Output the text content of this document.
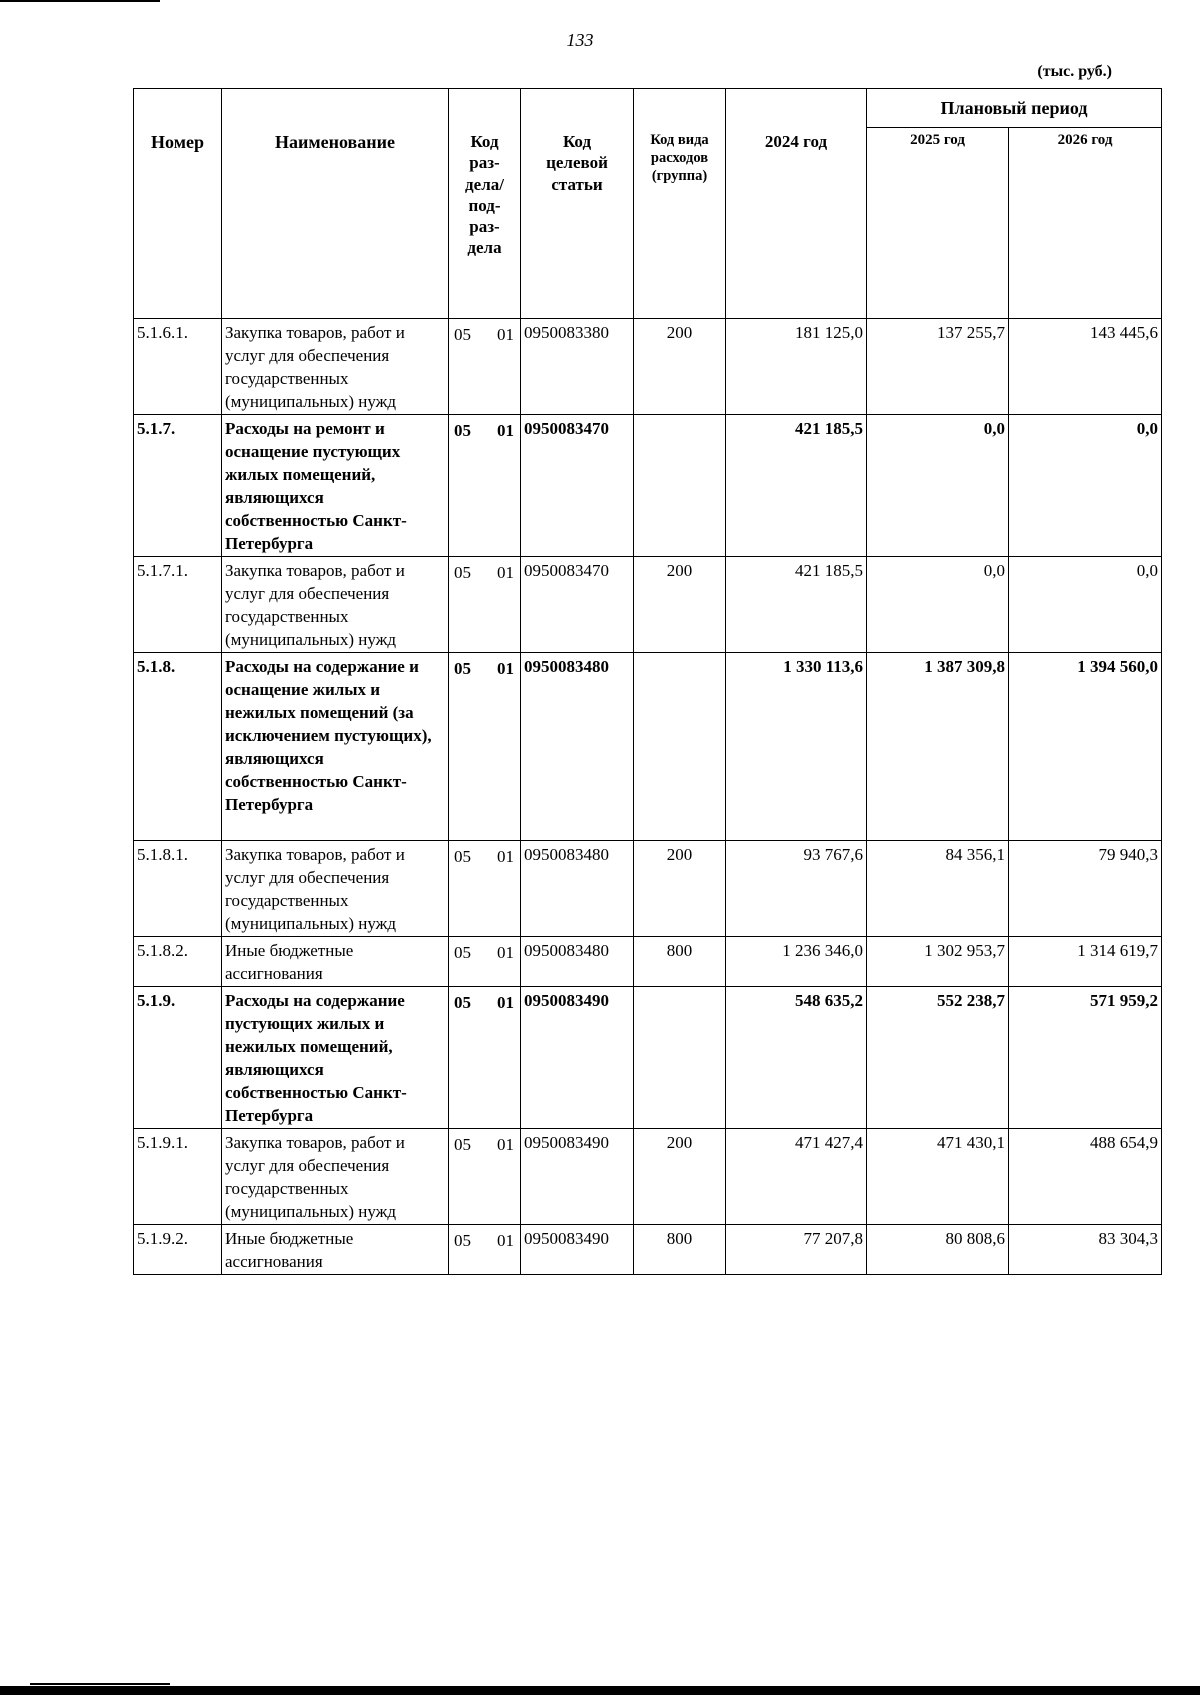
133
(тыс. руб.)
Номер	Наименование	Код раз-дела/ под-раз-дела	Код целевой статьи	Код вида расходов (группа)	2024 год	Плановый период	
						2025 год	2026 год
5.1.6.1.	Закупка товаров, работ и услуг для обеспечения государственных (муниципальных) нужд	05 01	0950083380	200	181 125,0	137 255,7	143 445,6
5.1.7.	Расходы на ремонт и оснащение пустующих жилых помещений, являющихся собственностью Санкт-Петербурга	05 01	0950083470		421 185,5	0,0	0,0
5.1.7.1.	Закупка товаров, работ и услуг для обеспечения государственных (муниципальных) нужд	05 01	0950083470	200	421 185,5	0,0	0,0
5.1.8.	Расходы на содержание и оснащение жилых и нежилых помещений (за исключением пустующих), являющихся собственностью Санкт-Петербурга	05 01	0950083480		1 330 113,6	1 387 309,8	1 394 560,0
5.1.8.1.	Закупка товаров, работ и услуг для обеспечения государственных (муниципальных) нужд	05 01	0950083480	200	93 767,6	84 356,1	79 940,3
5.1.8.2.	Иные бюджетные ассигнования	05 01	0950083480	800	1 236 346,0	1 302 953,7	1 314 619,7
5.1.9.	Расходы на содержание пустующих жилых и нежилых помещений, являющихся собственностью Санкт-Петербурга	05 01	0950083490		548 635,2	552 238,7	571 959,2
5.1.9.1.	Закупка товаров, работ и услуг для обеспечения государственных (муниципальных) нужд	05 01	0950083490	200	471 427,4	471 430,1	488 654,9
5.1.9.2.	Иные бюджетные ассигнования	05 01	0950083490	800	77 207,8	80 808,6	83 304,3
